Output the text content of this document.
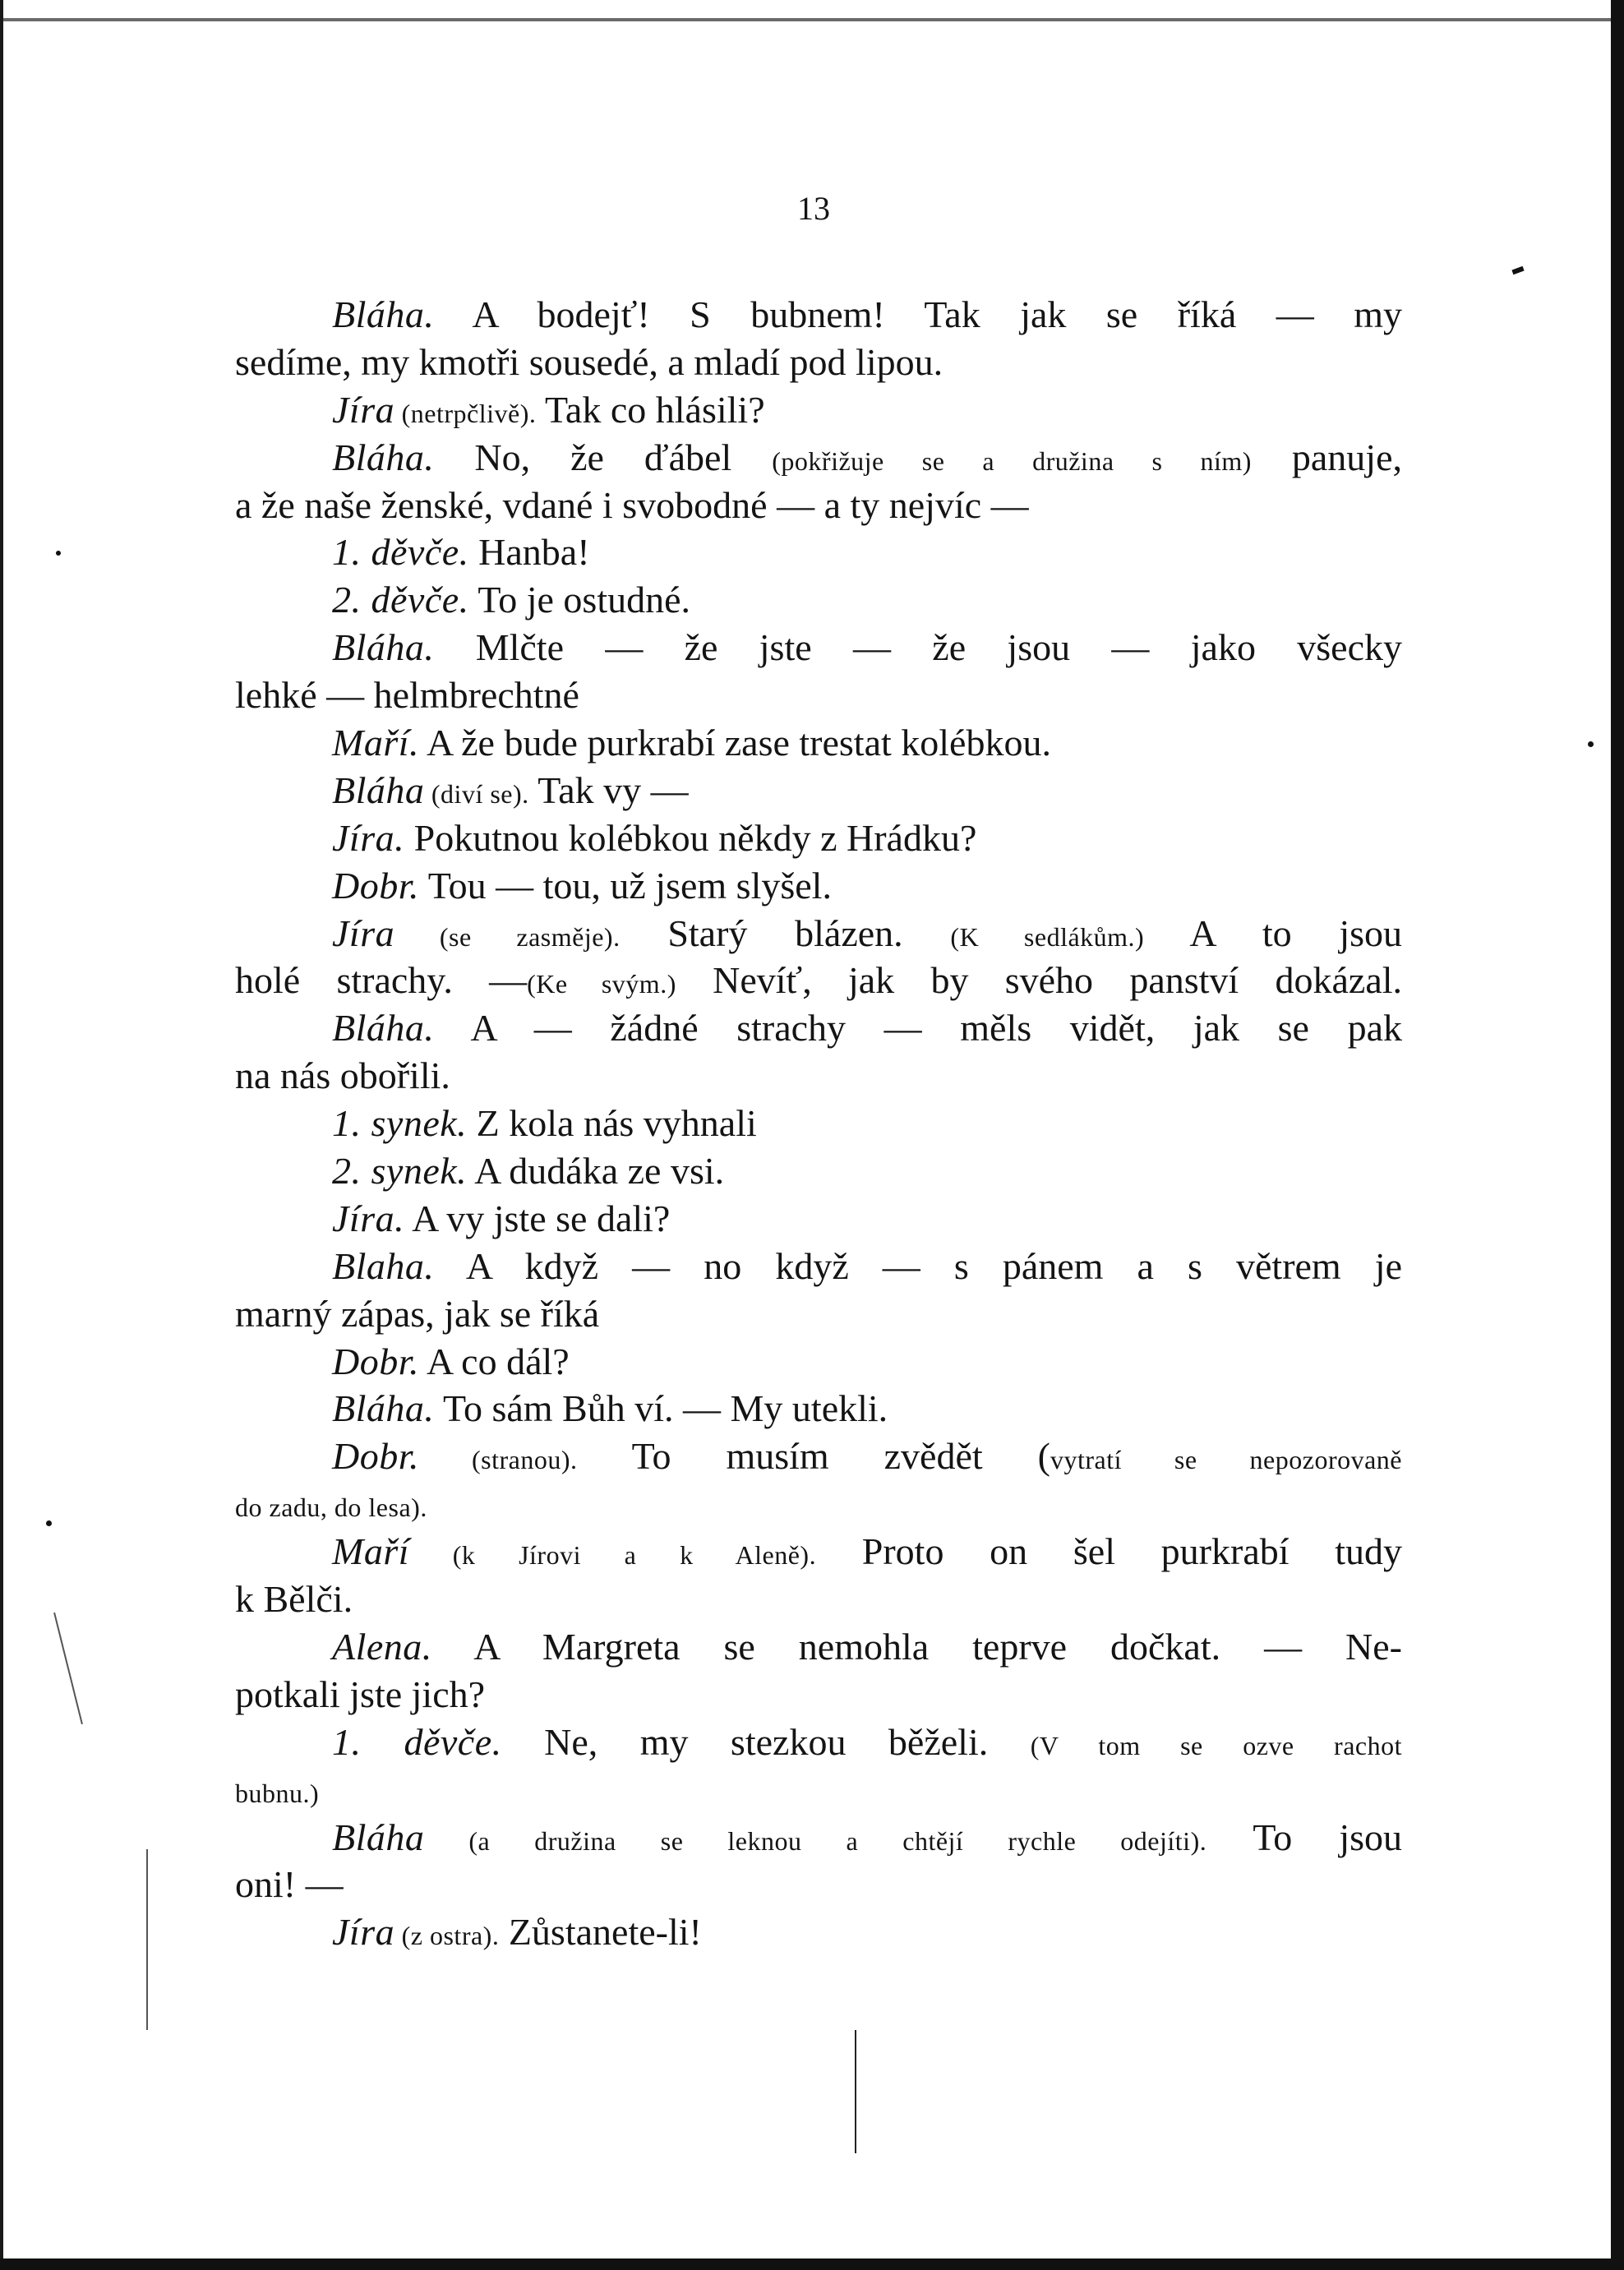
13
Bláha. A bodejť! S bubnem! Tak jak se říká — my
sedíme, my kmotři sousedé, a mladí pod lipou.
Jíra (netrpčlivě). Tak co hlásili?
Bláha. No, že ďábel (pokřižuje se a družina s ním) panuje,
a že naše ženské, vdané i svobodné — a ty nejvíc —
1. děvče. Hanba!
2. děvče. To je ostudné.
Bláha. Mlčte — že jste — že jsou — jako všecky
lehké — helmbrechtné
Maří. A že bude purkrabí zase trestat kolébkou.
Bláha (diví se). Tak vy —
Jíra. Pokutnou kolébkou někdy z Hrádku?
Dobr. Tou — tou, už jsem slyšel.
Jíra (se zasměje). Starý blázen. (K sedlákům.) A to jsou
holé strachy. —(Ke svým.) Nevíť, jak by svého panství dokázal.
Bláha. A — žádné strachy — měls vidět, jak se pak
na nás obořili.
1. synek. Z kola nás vyhnali
2. synek. A dudáka ze vsi.
Jíra. A vy jste se dali?
Blaha. A když — no když — s pánem a s větrem je
marný zápas, jak se říká
Dobr. A co dál?
Bláha. To sám Bůh ví. — My utekli.
Dobr. (stranou). To musím zvědět (vytratí se nepozorovaně
do zadu, do lesa).
Maří (k Jírovi a k Aleně). Proto on šel purkrabí tudy
k Bělči.
Alena. A Margreta se nemohla teprve dočkat. — Ne-
potkali jste jich?
1. děvče. Ne, my stezkou běželi. (V tom se ozve rachot
bubnu.)
Bláha (a družina se leknou a chtějí rychle odejíti). To jsou
oni! —
Jíra (z ostra). Zůstanete-li!
